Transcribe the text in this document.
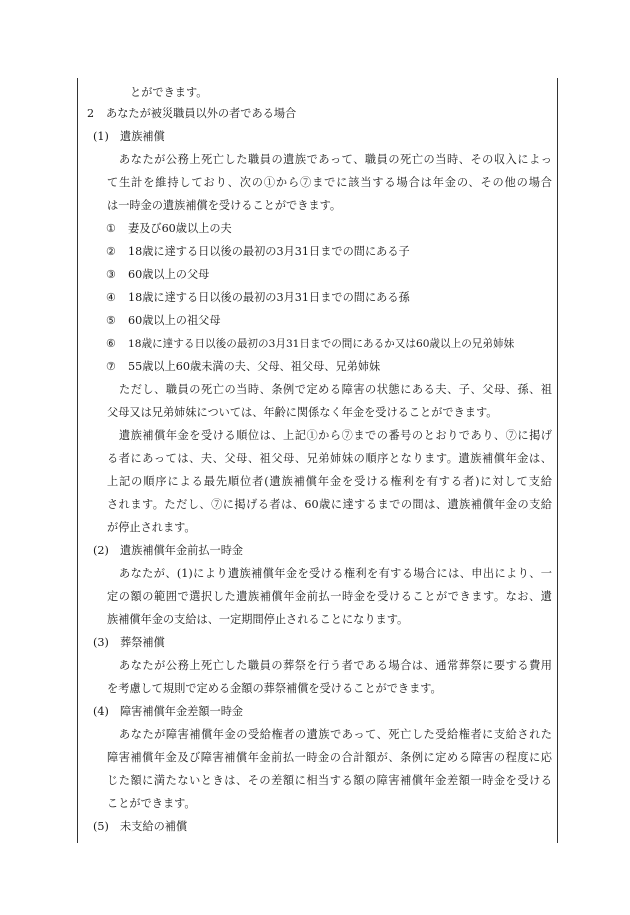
とができます。
2 あなたが被災職員以外の者である場合
(1) 遺族補償
あなたが公務上死亡した職員の遺族であって、職員の死亡の当時、その収入によっ
て生計を維持しており、次の①から⑦までに該当する場合は年金の、その他の場合
は一時金の遺族補償を受けることができます。
① 妻及び60歳以上の夫
② 18歳に達する日以後の最初の3月31日までの間にある子
③ 60歳以上の父母
④ 18歳に達する日以後の最初の3月31日までの間にある孫
⑤ 60歳以上の祖父母
⑥ 18歳に達する日以後の最初の3月31日までの間にあるか又は60歳以上の兄弟姉妹
⑦ 55歳以上60歳未満の夫、父母、祖父母、兄弟姉妹
ただし、職員の死亡の当時、条例で定める障害の状態にある夫、子、父母、孫、祖
父母又は兄弟姉妹については、年齢に関係なく年金を受けることができます。
遺族補償年金を受ける順位は、上記①から⑦までの番号のとおりであり、⑦に掲げ
る者にあっては、夫、父母、祖父母、兄弟姉妹の順序となります。遺族補償年金は、
上記の順序による最先順位者(遺族補償年金を受ける権利を有する者)に対して支給
されます。ただし、⑦に掲げる者は、60歳に達するまでの間は、遺族補償年金の支給
が停止されます。
(2) 遺族補償年金前払一時金
あなたが、(1)により遺族補償年金を受ける権利を有する場合には、申出により、一
定の額の範囲で選択した遺族補償年金前払一時金を受けることができます。なお、遺
族補償年金の支給は、一定期間停止されることになります。
(3) 葬祭補償
あなたが公務上死亡した職員の葬祭を行う者である場合は、通常葬祭に要する費用
を考慮して規則で定める金額の葬祭補償を受けることができます。
(4) 障害補償年金差額一時金
あなたが障害補償年金の受給権者の遺族であって、死亡した受給権者に支給された
障害補償年金及び障害補償年金前払一時金の合計額が、条例に定める障害の程度に応
じた額に満たないときは、その差額に相当する額の障害補償年金差額一時金を受ける
ことができます。
(5) 未支給の補償
